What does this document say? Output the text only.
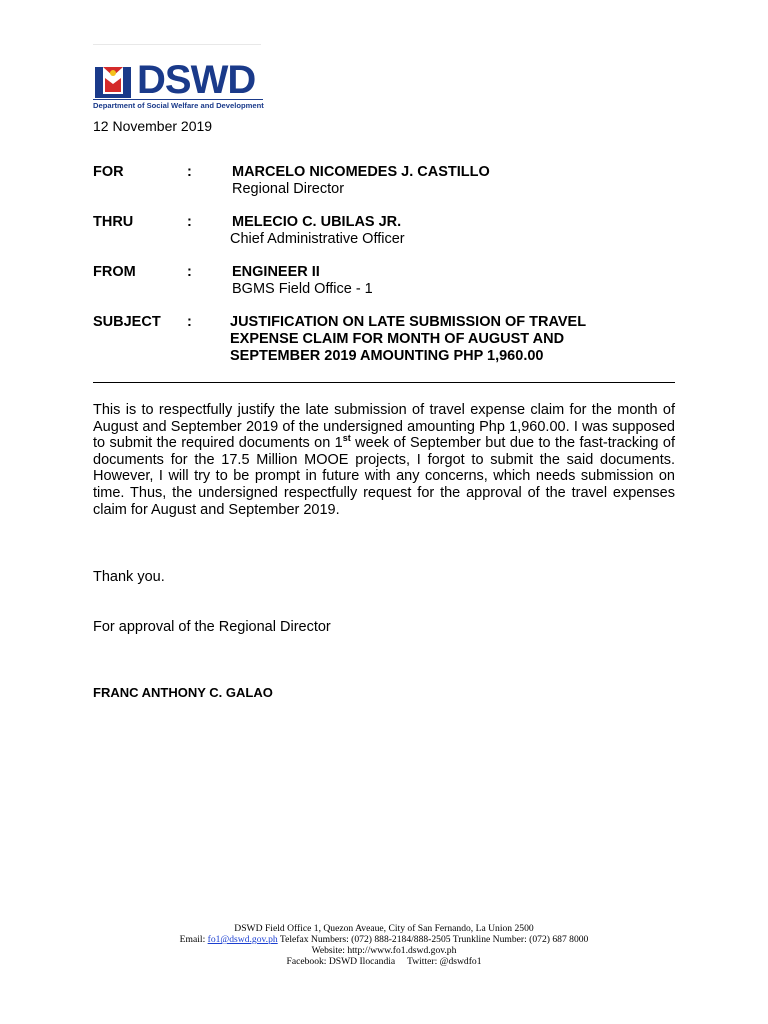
DSWD
Department of Social Welfare and Development
12 November 2019
FOR	:	MARCELO NICOMEDES J. CASTILLO
Regional Director
THRU	:	MELECIO C. UBILAS JR.
Chief Administrative Officer
FROM	:	ENGINEER II
BGMS Field Office - 1
SUBJECT :	JUSTIFICATION ON LATE SUBMISSION OF TRAVEL
EXPENSE CLAIM FOR MONTH OF AUGUST AND
SEPTEMBER 2019 AMOUNTING PHP 1,960.00
This is to respectfully justify the late submission of travel expense claim for the month of August and September 2019 of the undersigned amounting Php 1,960.00. I was supposed to submit the required documents on 1st week of September but due to the fast-tracking of documents for the 17.5 Million MOOE projects, I forgot to submit the said documents. However, I will try to be prompt in future with any concerns, which needs submission on time. Thus, the undersigned respectfully request for the approval of the travel expenses claim for August and September 2019.
Thank you.
For approval of the Regional Director
FRANC ANTHONY C. GALAO
DSWD Field Office 1, Quezon Aveaue, City of San Fernando, La Union 2500
Email: fo1@dswd.gov.ph Telefax Numbers: (072) 888-2184/888-2505 Trunkline Number: (072) 687 8000
Website: http://www.fo1.dswd.gov.ph
Facebook: DSWD Ilocandia     Twitter: @dswdfo1
